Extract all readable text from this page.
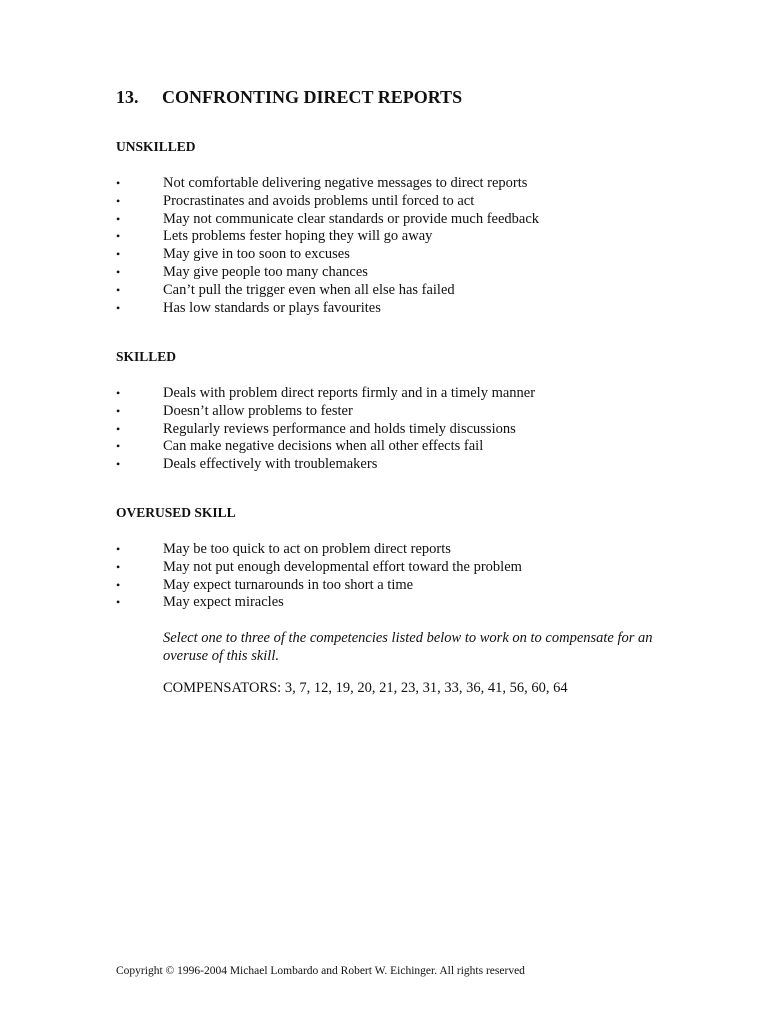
13. CONFRONTING DIRECT REPORTS
UNSKILLED
•	Not comfortable delivering negative messages to direct reports
•	Procrastinates and avoids problems until forced to act
•	May not communicate clear standards or provide much feedback
•	Lets problems fester hoping they will go away
•	May give in too soon to excuses
•	May give people too many chances
•	Can’t pull the trigger even when all else has failed
•	Has low standards or plays favourites
SKILLED
•	Deals with problem direct reports firmly and in a timely manner
•	Doesn’t allow problems to fester
•	Regularly reviews performance and holds timely discussions
•	Can make negative decisions when all other effects fail
•	Deals effectively with troublemakers
OVERUSED SKILL
•	May be too quick to act on problem direct reports
•	May not put enough developmental effort toward the problem
•	May expect turnarounds in too short a time
•	May expect miracles
Select one to three of the competencies listed below to work on to compensate for an overuse of this skill.
COMPENSATORS: 3, 7, 12, 19, 20, 21, 23, 31, 33, 36, 41, 56, 60, 64
Copyright © 1996-2004 Michael Lombardo and Robert W. Eichinger. All rights reserved
